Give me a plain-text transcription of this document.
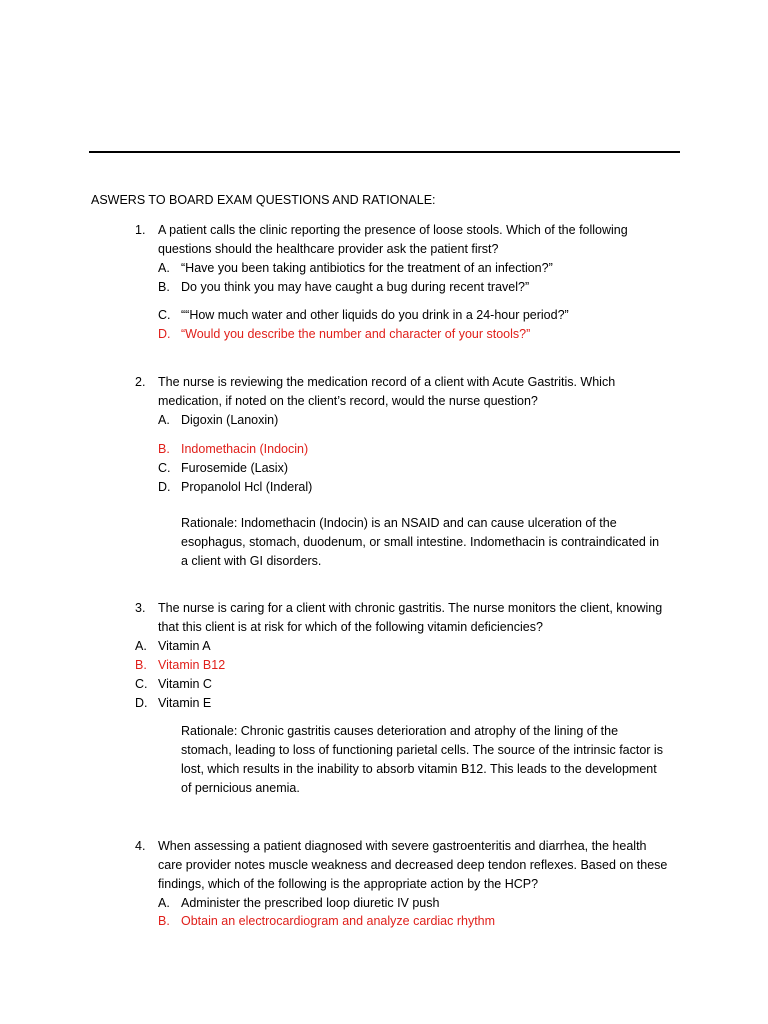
ASWERS TO BOARD EXAM QUESTIONS AND RATIONALE:
1. A patient calls the clinic reporting the presence of loose stools. Which of the following
questions should the healthcare provider ask the patient first?
A. “Have you been taking antibiotics for the treatment of an infection?”
B. Do you think you may have caught a bug during recent travel?”
C. ““How much water and other liquids do you drink in a 24-hour period?”
D. “Would you describe the number and character of your stools?”
2. The nurse is reviewing the medication record of a client with Acute Gastritis. Which
medication, if noted on the client’s record, would the nurse question?
A. Digoxin (Lanoxin)
B. Indomethacin (Indocin)
C. Furosemide (Lasix)
D. Propanolol Hcl (Inderal)
Rationale: Indomethacin (Indocin) is an NSAID and can cause ulceration of the
esophagus, stomach, duodenum, or small intestine. Indomethacin is contraindicated in
a client with GI disorders.
3. The nurse is caring for a client with chronic gastritis. The nurse monitors the client, knowing
that this client is at risk for which of the following vitamin deficiencies?
A. Vitamin A
B. Vitamin B12
C. Vitamin C
D. Vitamin E
Rationale: Chronic gastritis causes deterioration and atrophy of the lining of the
stomach, leading to loss of functioning parietal cells. The source of the intrinsic factor is
lost, which results in the inability to absorb vitamin B12. This leads to the development
of pernicious anemia.
4. When assessing a patient diagnosed with severe gastroenteritis and diarrhea, the health
care provider notes muscle weakness and decreased deep tendon reflexes. Based on these
findings, which of the following is the appropriate action by the HCP?
A. Administer the prescribed loop diuretic IV push
B. Obtain an electrocardiogram and analyze cardiac rhythm
